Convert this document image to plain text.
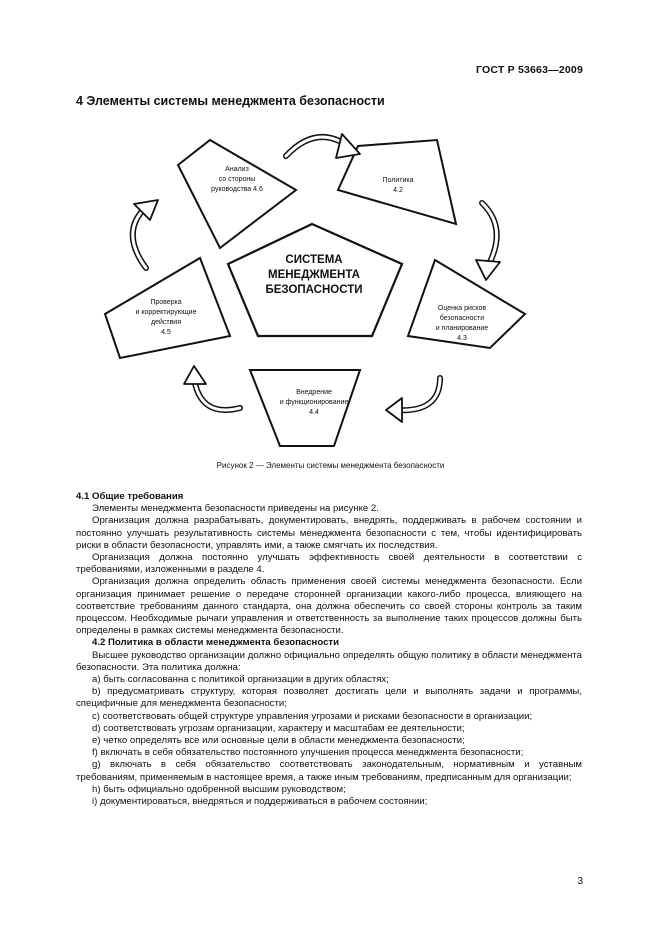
ГОСТ Р 53663—2009
4 Элементы системы менеджмента безопасности
СИСТЕМА
МЕНЕДЖМЕНТА
БЕЗОПАСНОСТИ
Анализ
со стороны
руководства 4.6
Политика
4.2
Оценка рисков
безопасности
и планирование
4.3
Внедрение
и функционирование
4.4
Проверка
и корректирующие
действия
4.5
Рисунок 2 — Элементы системы менеджмента безопасности

4.1 Общие требования

Элементы менеджмента безопасности приведены на рисунке 2.

Организация должна разрабатывать, документировать, внедрять, поддерживать в рабочем состоянии и постоянно улучшать результативность системы менеджмента безопасности с тем, чтобы идентифицировать риски в области безопасности, управлять ими, а также смягчать их последствия.

Организация должна постоянно улучшать эффективность своей деятельности в соответствии с требованиями, изложенными в разделе 4.

Организация должна определить область применения своей системы менеджмента безопасности. Если организация принимает решение о передаче сторонней организации какого-либо процесса, влияющего на соответствие требованиям данного стандарта, она должна обеспечить со своей стороны контроль за таким процессом. Необходимые рычаги управления и ответственность за выполнение таких процессов должны быть определены в рамках системы менеджмента безопасности.

4.2 Политика в области менеджмента безопасности

Высшее руководство организации должно официально определять общую политику в области менеджмента безопасности. Эта политика должна:

a) быть согласованна с политикой организации в других областях;

b) предусматривать структуру, которая позволяет достигать цели и выполнять задачи и программы, специфичные для менеджмента безопасности;

c) соответствовать общей структуре управления угрозами и рисками безопасности в организации;

d) соответствовать угрозам организации, характеру и масштабам ее деятельности;

e) четко определять все или основные цели в области менеджмента безопасности;

f) включать в себя обязательство постоянного улучшения процесса менеджмента безопасности;

g) включать в себя обязательство соответствовать законодательным, нормативным и уставным требованиям, применяемым в настоящее время, а также иным требованиям, предписанным для организации;

h) быть официально одобренной высшим руководством;

i) документироваться, внедряться и поддерживаться в рабочем состоянии;

3
